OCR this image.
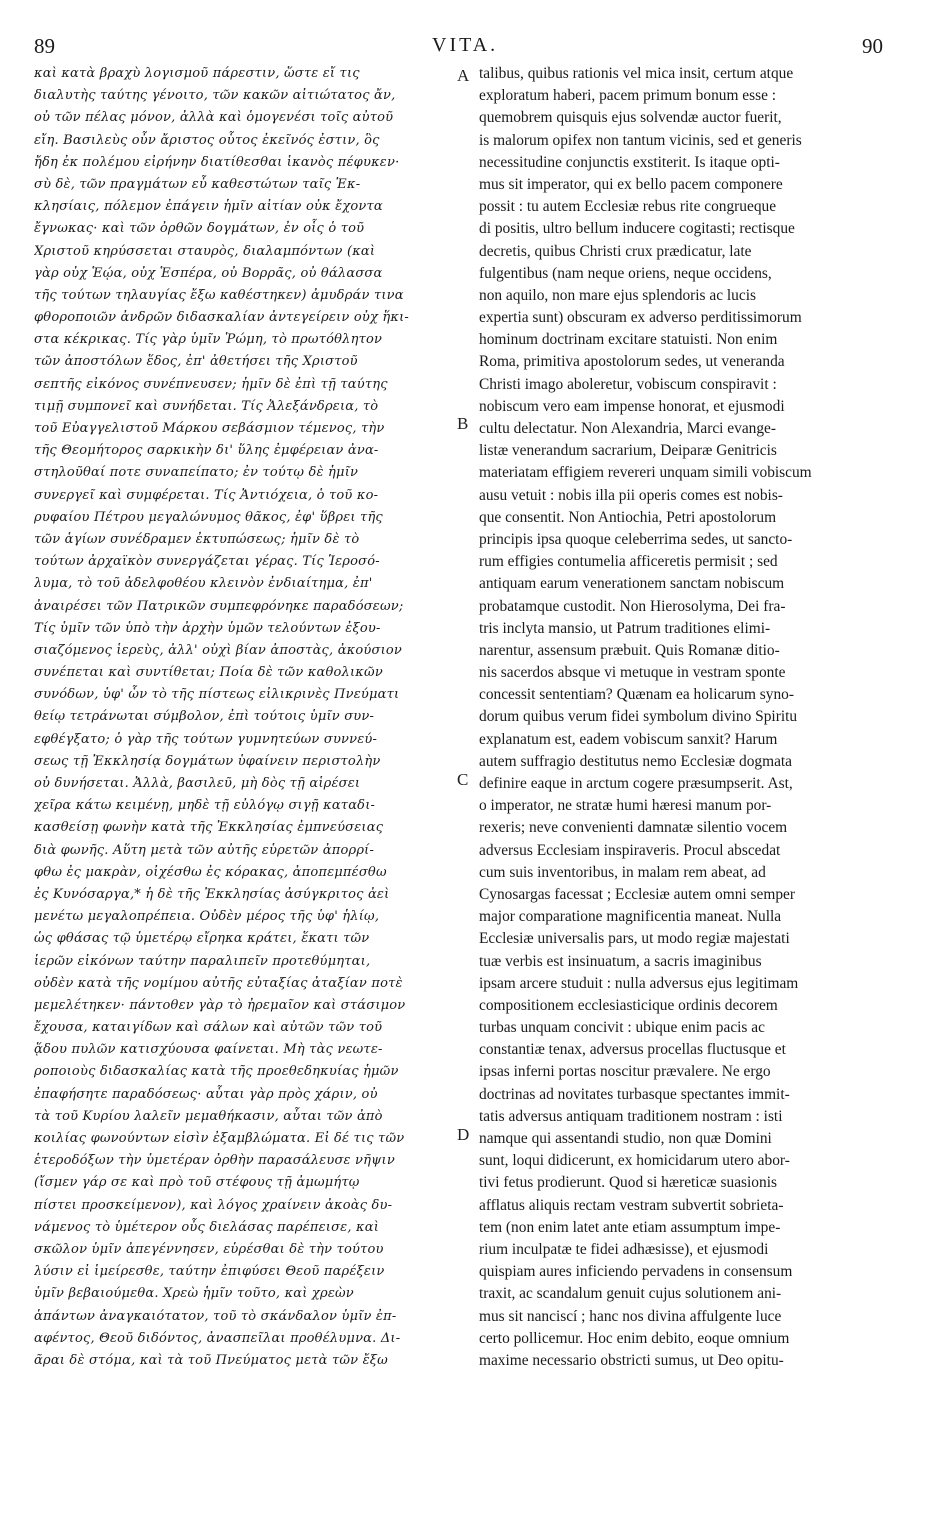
89	VITA.	90
καὶ κατὰ βραχὺ λογισμοῦ πάρεστιν, ὥστε εἴ τις
διαλυτὴς ταύτης γένοιτο, τῶν κακῶν αἰτιώτατος ἄν,
οὐ τῶν πέλας μόνον, ἀλλὰ καὶ ὁμογενέσι τοῖς αὐτοῦ
εἴη. Βασιλεὺς οὖν ἄριστος οὗτος ἐκεῖνός ἐστιν, ὃς
ἤδη ἐκ πολέμου εἰρήνην διατίθεσθαι ἱκανὸς πέφυκεν·
σὺ δὲ, τῶν πραγμάτων εὖ καθεστώτων ταῖς Ἐκ-
κλησίαις, πόλεμον ἐπάγειν ἡμῖν αἰτίαν οὐκ ἔχοντα
ἔγνωκας· καὶ τῶν ὀρθῶν δογμάτων, ἐν οἷς ὁ τοῦ
Χριστοῦ κηρύσσεται σταυρὸς, διαλαμπόντων (καὶ
γὰρ οὐχ Ἑῴα, οὐχ Ἑσπέρα, οὐ Βορρᾶς, οὐ θάλασσα
τῆς τούτων τηλαυγίας ἔξω καθέστηκεν) ἀμυδράν τινα
φθοροποιῶν ἀνδρῶν διδασκαλίαν ἀντεγείρειν οὐχ ἥκι-
στα κέκρικας. Τίς γὰρ ὑμῖν Ῥώμη, τὸ πρωτόθλητον
τῶν ἀποστόλων ἕδος, ἐπ' ἀθετήσει τῆς Χριστοῦ
σεπτῆς εἰκόνος συνέπνευσεν; ἡμῖν δὲ ἐπὶ τῇ ταύτης
τιμῇ συμπονεῖ καὶ συνήδεται. Τίς Ἀλεξάνδρεια, τὸ
τοῦ Εὐαγγελιστοῦ Μάρκου σεβάσμιον τέμενος, τὴν
τῆς Θεομήτορος σαρκικὴν δι' ὕλης ἐμφέρειαν ἀνα-
στηλοῦθαί ποτε συναπείπατο; ἐν τούτῳ δὲ ἡμῖν
συνεργεῖ καὶ συμφέρεται. Τίς Ἀντιόχεια, ὁ τοῦ κο-
ρυφαίου Πέτρου μεγαλώνυμος θᾶκος, ἐφ' ὕβρει τῆς
τῶν ἁγίων συνέδραμεν ἐκτυπώσεως; ἡμῖν δὲ τὸ
τούτων ἀρχαϊκὸν συνεργάζεται γέρας. Τίς Ἱεροσό-
λυμα, τὸ τοῦ ἀδελφοθέου κλεινὸν ἐνδιαίτημα, ἐπ'
ἀναιρέσει τῶν Πατρικῶν συμπεφρόνηκε παραδόσεων;
Τίς ὑμῖν τῶν ὑπὸ τὴν ἀρχὴν ὑμῶν τελούντων ἐξου-
σιαζόμενος ἱερεὺς, ἀλλ' οὐχὶ βίαν ἀποστὰς, ἀκούσιον
συνέπεται καὶ συντίθεται; Ποία δὲ τῶν καθολικῶν
συνόδων, ὑφ' ὧν τὸ τῆς πίστεως εἰλικρινὲς Πνεύματι
θείῳ τετράνωται σύμβολον, ἐπὶ τούτοις ὑμῖν συν-
εφθέγξατο; ὁ γὰρ τῆς τούτων γυμνητεύων συννεύ-
σεως τῇ Ἐκκλησίᾳ δογμάτων ὑφαίνειν περιστολὴν
οὐ δυνήσεται. Ἀλλὰ, βασιλεῦ, μὴ δὸς τῇ αἱρέσει
χεῖρα κάτω κειμένῃ, μηδὲ τῇ εὐλόγῳ σιγῇ καταδι-
κασθείσῃ φωνὴν κατὰ τῆς Ἐκκλησίας ἐμπνεύσειας
διὰ φωνῆς. Αὕτη μετὰ τῶν αὐτῆς εὑρετῶν ἀπορρί-
φθω ἐς μακρὰν, οἰχέσθω ἐς κόρακας, ἀποπεμπέσθω
ἐς Κυνόσαργα,* ἡ δὲ τῆς Ἐκκλησίας ἀσύγκριτος ἀεὶ
μενέτω μεγαλοπρέπεια. Οὐδὲν μέρος τῆς ὑφ' ἡλίῳ,
ὡς φθάσας τῷ ὑμετέρῳ εἴρηκα κράτει, ἕκατι τῶν
ἱερῶν εἰκόνων ταύτην παραλιπεῖν προτεθύμηται,
οὐδὲν κατὰ τῆς νομίμου αὐτῆς εὐταξίας ἀταξίαν ποτὲ
μεμελέτηκεν· πάντοθεν γὰρ τὸ ἠρεμαῖον καὶ στάσιμον
ἔχουσα, καταιγίδων καὶ σάλων καὶ αὐτῶν τῶν τοῦ
ᾅδου πυλῶν κατισχύουσα φαίνεται. Μὴ τὰς νεωτε-
ροποιοὺς διδασκαλίας κατὰ τῆς προεθεδηκυίας ἡμῶν
ἐπαφήσητε παραδόσεως· αὗται γὰρ πρὸς χάριν, οὐ
τὰ τοῦ Κυρίου λαλεῖν μεμαθήκασιν, αὗται τῶν ἀπὸ
κοιλίας φωνούντων εἰσὶν ἐξαμβλώματα. Εἰ δέ τις τῶν
ἑτεροδόξων τὴν ὑμετέραν ὀρθὴν παρασάλευσε νῆψιν
(ἴσμεν γάρ σε καὶ πρὸ τοῦ στέφους τῇ ἀμωμήτῳ
πίστει προσκείμενον), καὶ λόγος χραίνειν ἀκοὰς δυ-
νάμενος τὸ ὑμέτερον οὖς διελάσας παρέπεισε, καὶ
σκῶλον ὑμῖν ἀπεγέννησεν, εὑρέσθαι δὲ τὴν τούτου
λύσιν εἰ ἱμείρεσθε, ταύτην ἐπιφύσει Θεοῦ παρέξειν
ὑμῖν βεβαιούμεθα. Χρεὼ ἡμῖν τοῦτο, καὶ χρεὼν
ἁπάντων ἀναγκαιότατον, τοῦ τὸ σκάνδαλον ὑμῖν ἐπ-
αφέντος, Θεοῦ διδόντος, ἀνασπεῖλαι προθέλυμνα. Δι-
ᾶραι δὲ στόμα, καὶ τὰ τοῦ Πνεύματος μετὰ τῶν ἔξω
talibus, quibus rationis vel mica insit, certum atque
exploratum haberi, pacem primum bonum esse :
quemobrem quisquis ejus solvendæ auctor fuerit,
is malorum opifex non tantum vicinis, sed et generis
necessitudine conjunctis exstiterit. Is itaque opti-
mus sit imperator, qui ex bello pacem componere
possit : tu autem Ecclesiæ rebus rite congrueque
di positis, ultro bellum inducere cogitasti; rectisque
decretis, quibus Christi crux prædicatur, late
fulgentibus (nam neque oriens, neque occidens,
non aquilo, non mare ejus splendoris ac lucis
expertia sunt) obscuram ex adverso perditissimorum
hominum doctrinam excitare statuisti. Non enim
Roma, primitiva apostolorum sedes, ut veneranda
Christi imago aboleretur, vobiscum conspiravit :
nobiscum vero eam impense honorat, et ejusmodi
cultu delectatur. Non Alexandria, Marci evange-
listæ venerandum sacrarium, Deiparæ Genitricis
materiatam effigiem revereri unquam simili vobiscum
ausu vetuit : nobis illa pii operis comes est nobis-
que consentit. Non Antiochia, Petri apostolorum
principis ipsa quoque celeberrima sedes, ut sancto-
rum effigies contumelia afficeretis permisit ; sed
antiquam earum venerationem sanctam nobiscum
probatamque custodit. Non Hierosolyma, Dei fra-
tris inclyta mansio, ut Patrum traditiones elimi-
narentur, assensum præbuit. Quis Romanæ ditio-
nis sacerdos absque vi metuque in vestram sponte
concessit sententiam? Quænam ea holicarum syno-
dorum quibus verum fidei symbolum divino Spiritu
explanatum est, eadem vobiscum sanxit? Harum
autem suffragio destitutus nemo Ecclesiæ dogmata
definire eaque in arctum cogere præsumpserit. Ast,
o imperator, ne stratæ humi hæresi manum por-
rexeris; neve convenienti damnatæ silentio vocem
adversus Ecclesiam inspiraveris. Procul abscedat
cum suis inventoribus, in malam rem abeat, ad
Cynosargas facessat ; Ecclesiæ autem omni semper
major comparatione magnificentia maneat. Nulla
Ecclesiæ universalis pars, ut modo regiæ majestati
tuæ verbis est insinuatum, a sacris imaginibus
ipsam arcere studuit : nulla adversus ejus legitimam
compositionem ecclesiasticique ordinis decorem
turbas unquam concivit : ubique enim pacis ac
constantiæ tenax, adversus procellas fluctusque et
ipsas inferni portas noscitur prævalere. Ne ergo
doctrinas ad novitates turbasque spectantes immit-
tatis adversus antiquam traditionem nostram : isti
namque qui assentandi studio, non quæ Domini
sunt, loqui didicerunt, ex homicidarum utero abor-
tivi fetus prodierunt. Quod si hæreticæ suasionis
afflatus aliquis rectam vestram subvertit sobrieta-
tem (non enim latet ante etiam assumptum impe-
rium inculpatæ te fidei adhæsisse), et ejusmodi
quispiam aures inficiendo pervadens in consensum
traxit, ac scandalum genuit cujus solutionem ani-
mus sit nanciscí ; hanc nos divina affulgente luce
certo pollicemur. Hoc enim debito, eoque omnium
maxime necessario obstricti sumus, ut Deo opitu-
A
B
C
D
